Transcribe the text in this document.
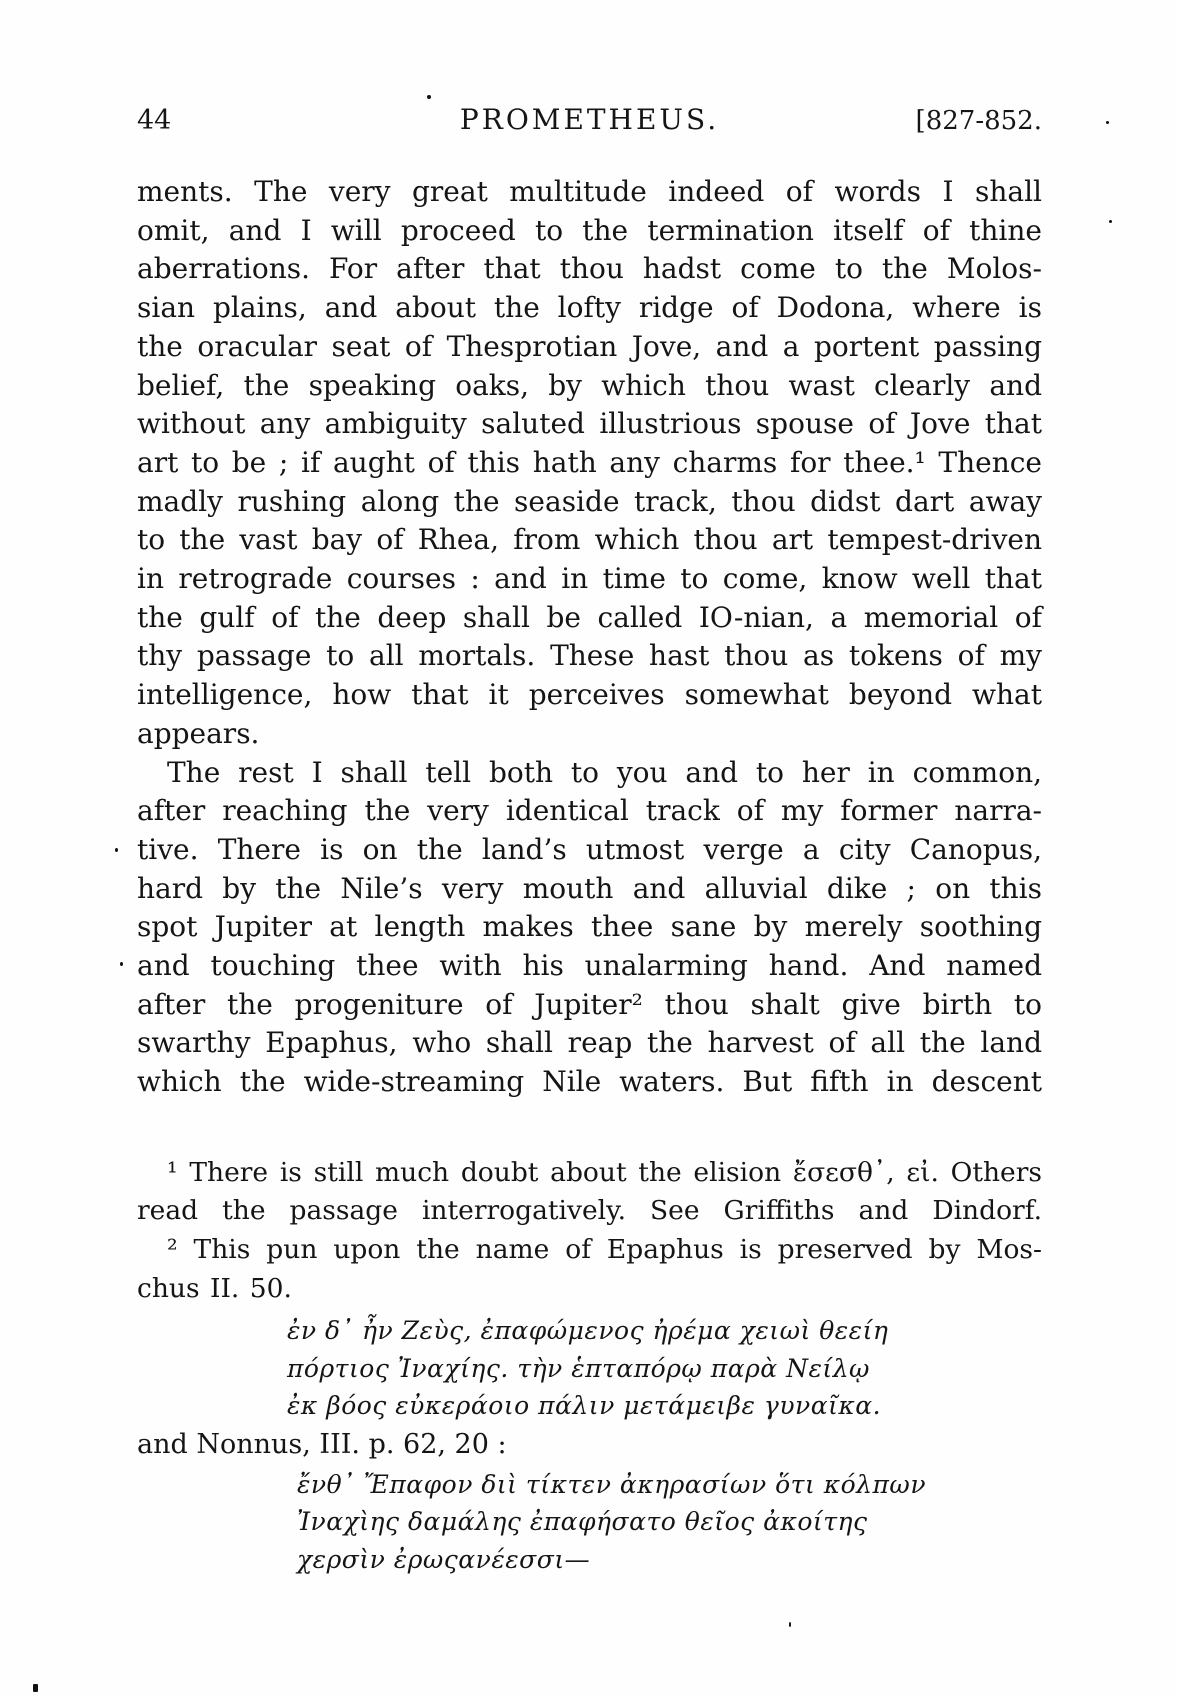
44	PROMETHEUS.	[827-852.
ments. The very great multitude indeed of words I shall
omit, and I will proceed to the termination itself of thine
aberrations. For after that thou hadst come to the Molos-
sian plains, and about the lofty ridge of Dodona, where is
the oracular seat of Thesprotian Jove, and a portent passing
belief, the speaking oaks, by which thou wast clearly and
without any ambiguity saluted illustrious spouse of Jove that
art to be ; if aught of this hath any charms for thee.¹ Thence
madly rushing along the seaside track, thou didst dart away
to the vast bay of Rhea, from which thou art tempest-driven
in retrograde courses : and in time to come, know well that
the gulf of the deep shall be called IO-nian, a memorial of
thy passage to all mortals. These hast thou as tokens of my
intelligence, how that it perceives somewhat beyond what
appears.
The rest I shall tell both to you and to her in common,
after reaching the very identical track of my former narra-
tive. There is on the land’s utmost verge a city Canopus,
hard by the Nile’s very mouth and alluvial dike ; on this
spot Jupiter at length makes thee sane by merely soothing
and touching thee with his unalarming hand. And named
after the progeniture of Jupiter² thou shalt give birth to
swarthy Epaphus, who shall reap the harvest of all the land
which the wide-streaming Nile waters. But fifth in descent
¹ There is still much doubt about the elision ἔσεσθ᾽, εἰ. Others
read the passage interrogatively. See Griffiths and Dindorf.
² This pun upon the name of Epaphus is preserved by Mos-
chus II. 50.
ἐν δ᾽ ἦν Ζεὺς, ἐπαφώμενος ἠρέμα χειωὶ θεείη
πόρτιος Ἰναχίης. τὴν ἑπταπόρῳ παρὰ Νείλῳ
ἐκ βόος εὐκεράοιο πάλιν μετάμειβε γυναῖκα.
and Nonnus, III. p. 62, 20 :
ἔνθ᾽ Ἔπαφον διὶ τίκτεν ἀκηρασίων ὅτι κόλπων
Ἰναχὶης δαμάλης ἐπαφήσατο θεῖος ἀκοίτης
χερσὶν ἐρωςανέεσσι—
